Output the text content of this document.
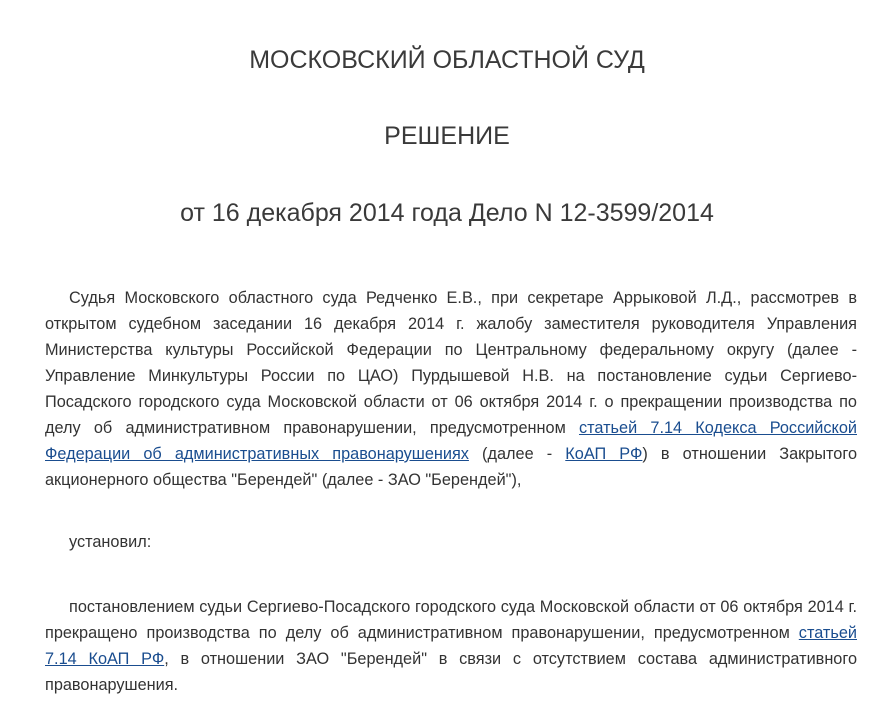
МОСКОВСКИЙ ОБЛАСТНОЙ СУД
РЕШЕНИЕ
от 16 декабря 2014 года Дело N 12-3599/2014

Судья Московского областного суда Редченко Е.В., при секретаре Аррыковой Л.Д., рассмотрев в открытом судебном заседании 16 декабря 2014 г. жалобу заместителя руководителя Управления Министерства культуры Российской Федерации по Центральному федеральному округу (далее - Управление Минкультуры России по ЦАО) Пурдышевой Н.В. на постановление судьи Сергиево-Посадского городского суда Московской области от 06 октября 2014 г. о прекращении производства по делу об административном правонарушении, предусмотренном статьей 7.14 Кодекса Российской Федерации об административных правонарушениях (далее - КоАП РФ) в отношении Закрытого акционерного общества "Берендей" (далее - ЗАО "Берендей"),

установил:

постановлением судьи Сергиево-Посадского городского суда Московской области от 06 октября 2014 г. прекращено производства по делу об административном правонарушении, предусмотренном статьей 7.14 КоАП РФ, в отношении ЗАО "Берендей" в связи с отсутствием состава административного правонарушения.
